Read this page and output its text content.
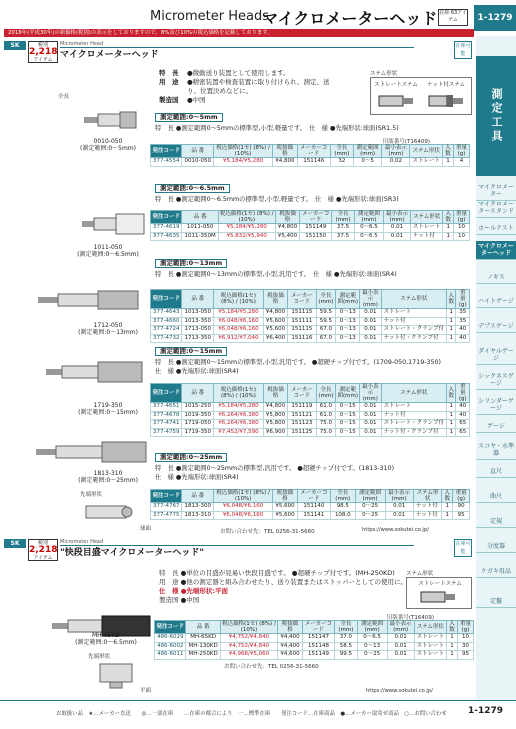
Micrometer Heads
マイクロメーターヘッド 在庫 63アイテム	1-1279
2018年(平成30年)の新価格(税別)の表示をしておりますので、8%及び10%の税込価格を記載しております。
測定工具
マイクロメーター
マイクロメータースタンド
ホールテスト
マイクロメーターヘッド
ノギス
ハイトゲージ
デプスゲージ
ダイヤルゲージ
シックネスゲージ
シリンダーゲージ
ゲージ
スコヤ・水準器
直尺
曲尺
定規
分度器
ケガキ用品
定盤
SK	税別
2,218
アイテム
Micrometer Head
マイクロメーターヘッド
在庫可能
特　長 ●微動送り装置として使用します。
用　途 ●精密装置や検査装置に取り付けられ、測定、送り、位置決めなどに。
製造国 ●中国
ステム形状
ストレートステム	ナット付ステム
全長
0010-050
(測定範囲:0〜5mm)
測定範囲:0〜5mm
特　長 ●測定範囲0〜5mmの標準型,小型,軽量です。　仕　様 ●先端形状:球面(SR1.5)
旧版番号(T16409)
発注コード	品 番	税込価格(1セ) (8%) / (10%)	税抜価格	メーカーコード	全長(mm)	測定範囲(mm)	最小表示(mm)	ステム形状	入数	重量(g)
377-4554	0010-050	¥5,184/¥5,280	¥4,800	151146	32	0〜5	0.02	ストレート	1	4
1011-050
(測定範囲:0〜6.5mm)
測定範囲:0〜6.5mm
特　長 ●測定範囲0〜6.5mmの標準型,小型,軽量です。　仕　様 ●先端形状:球面(SR3)
発注コード	品 番	税込価格(1セ) (8%) / (10%)	税抜価格	メーカーコード	全長(mm)	測定範囲(mm)	最小表示(mm)	ステム形状	入数	重量(g)
377-4619	1011-050	¥5,184/¥5,280	¥4,800	151149	37.5	0〜6.5	0.01	ストレート	1	10
377-4635	1011-350M	¥5,832/¥5,940	¥5,400	151150	37.5	0〜6.5	0.01	ナット付	1	10
1712-050
(測定範囲:0〜13mm)
測定範囲:0〜13mm
特　長 ●測定範囲0〜13mmの標準型,小型,汎用です。　仕　様 ●先端形状:球面(SR4)
発注コード	品 番	税込価格(1セ) (8%) / (10%)	税抜価格	メーカーコード	全長(mm)	測定範囲(mm)	最小表示(mm)	ステム形状	入数	重量(g)
377-4643	1013-050	¥5,184/¥5,280	¥4,800	151115	59.5	0〜13	0.01	ストレート	1	35
377-4660	1013-350	¥6,048/¥6,160	¥5,600	151111	59.5	0〜13	0.01	ナット付	1	35
377-4724	1713-050	¥6,048/¥6,160	¥5,600	151115	67.0	0〜13	0.01	ストレート・クランプ付	1	40
377-4732	1713-350	¥6,912/¥7,040	¥6,400	151116	67.0	0〜13	0.01	ナット付・クランプ付	1	40
1719-350
(測定範囲:0〜15mm)
測定範囲:0〜15mm
特　長 ●測定範囲0〜15mmの標準型,小型,汎用です。 ●超硬チップ付です。(1709-050,1719-350)
仕　様 ●先端形状:球面(SR4)
発注コード	品 番	税込価格(1セ) (8%) / (10%)	税抜価格	メーカーコード	全長(mm)	測定範囲(mm)	最小表示(mm)	ステム形状	入数	重量(g)
377-4651	1015-250	¥5,184/¥5,280	¥4,800	151119	61.0	0〜15	0.01	ストレート	1	40
377-4678	1019-350	¥6,264/¥6,380	¥5,800	151121	61.0	0〜15	0.01	ナット付	1	40
377-4741	1719-050	¥6,264/¥6,380	¥5,800	151123	75.0	0〜15	0.01	ストレート・クランプ付	1	65
377-4759	1719-350	¥7,452/¥7,590	¥6,900	151125	75.0	0〜15	0.01	ナット付・クランプ付	1	65
1813-310
(測定範囲:0〜25mm)
先端形状
球面
測定範囲:0〜25mm
特　長 ●測定範囲0〜25mmの標準型,汎用です。 ●超硬チップ付です。(1813-310)
仕　様 ●先端形状:球面(SR4)
発注コード	品 番	税込価格(1セ) (8%) / (10%)	税抜価格	メーカーコード	全長(mm)	測定範囲(mm)	最小表示(mm)	ステム形状	入数	重量(g)
377-4767	1813-300	¥6,048/¥6,160	¥5,600	151140	98.5	0〜25	0.01	ナット付	1	90
377-4775	1813-310	¥6,048/¥6,160	¥5,600	151141	108.0	0〜25	0.01	ナット付	1	95
お問い合わせ先：TEL 0256-31-5660	https://www.sokutei.co.jp/
SK	税別
2,218
アイテム
Micrometer Head
"快段目盛マイクロメーターヘッド"
在庫可能
特　長 ●単位の目盛が見易い快段目盛です。 ●超硬チップ付です。(MH-250KD)
用　途 ●他の測定器と組み合わせたり、送り装置またはストッパーとしての使用に。
仕　様 ●先端形状:平面
製造国 ●中国
ステム形状
ストレートステム
旧版番号(T16409)
発注コード	品 番	税込価格(1セ) (8%) / (10%)	税抜価格	メーカーコード	全長(mm)	測定範囲(mm)	最小表示(mm)	ステム形状	入数	重量(g)
486-6029	MH-65KD	¥4,752/¥4,840	¥4,400	151147	37.0	0〜6.5	0.01	ストレート	1	10
486-6002	MH-130KD	¥4,752/¥4,840	¥4,400	151148	58.5	0〜13	0.01	ストレート	1	30
486-6011	MH-250KD	¥4,968/¥5,060	¥4,600	151149	99.5	0〜25	0.01	ストレート	1	95
お問い合わせ先：TEL 0256-31-5660
https://www.sokutei.co.jp/
MH-65KD
(測定範囲:0〜6.5mm)
先端形状
平面
お取扱い品　★…メーカー直送　　◎…一部在庫　　…在庫の都合により　一…標準在庫　　発注コード…在庫商品　●…メーカー取寄せ商品　○…お問い合わせ 1-1279
